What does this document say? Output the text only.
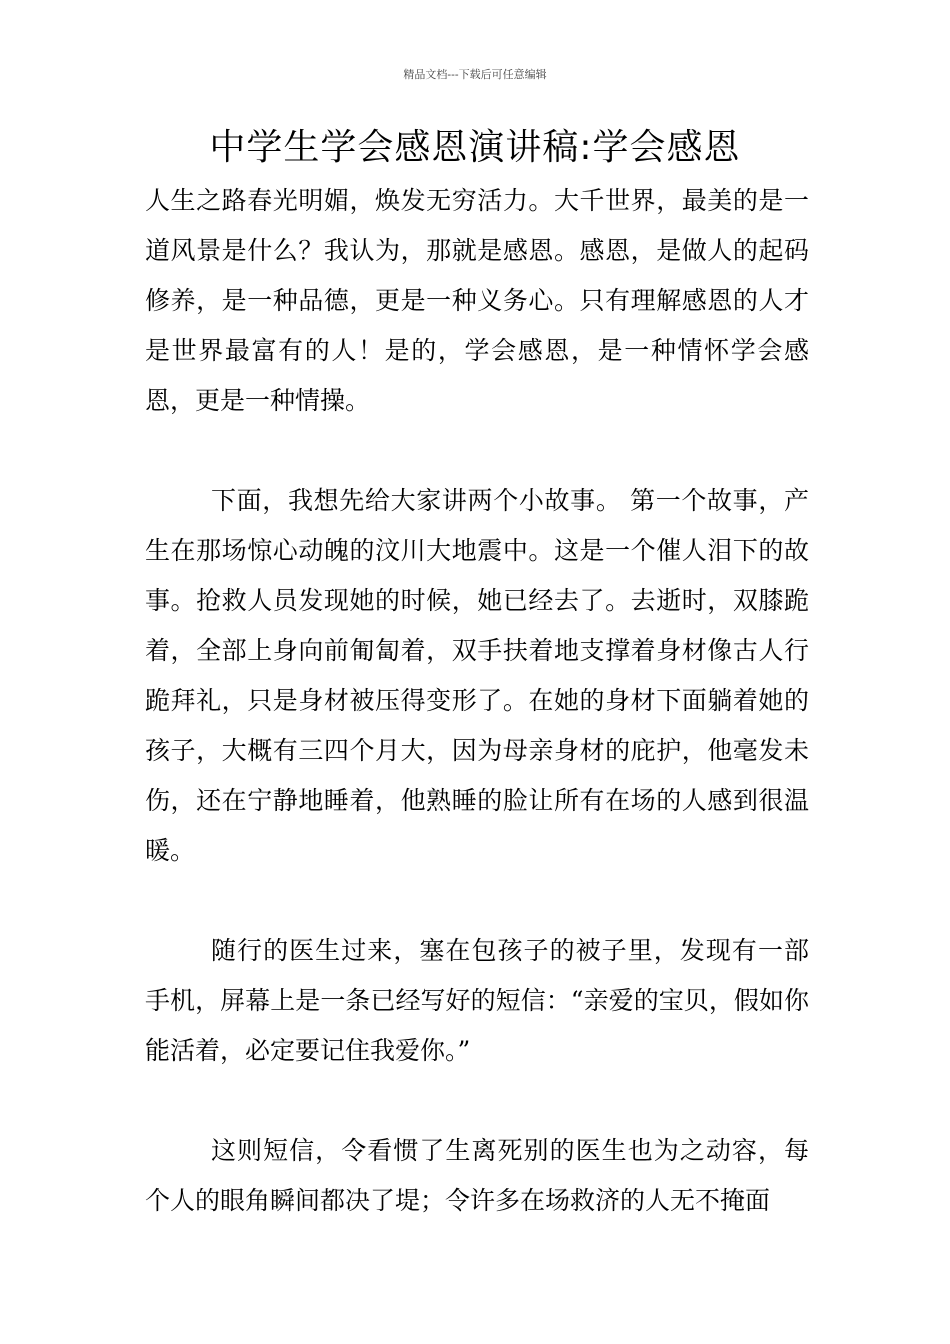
精品文档---下载后可任意编辑
中学生学会感恩演讲稿:学会感恩

人生之路春光明媚，焕发无穷活力。大千世界，最美的是一道风景是什么？我认为，那就是感恩。感恩，是做人的起码修养，是一种品德，更是一种义务心。只有理解感恩的人才是世界最富有的人！是的，学会感恩，是一种情怀学会感恩，更是一种情操。

下面，我想先给大家讲两个小故事。 第一个故事，产生在那场惊心动魄的汶川大地震中。这是一个催人泪下的故事。抢救人员发现她的时候，她已经去了。去逝时，双膝跪着，全部上身向前匍匐着，双手扶着地支撑着身材像古人行跪拜礼，只是身材被压得变形了。在她的身材下面躺着她的孩子，大概有三四个月大，因为母亲身材的庇护，他毫发未伤，还在宁静地睡着，他熟睡的脸让所有在场的人感到很温暖。

随行的医生过来，塞在包孩子的被子里，发现有一部手机，屏幕上是一条已经写好的短信：“亲爱的宝贝，假如你能活着，必定要记住我爱你。”

这则短信，令看惯了生离死别的医生也为之动容，每个人的眼角瞬间都决了堤；令许多在场救济的人无不掩面
